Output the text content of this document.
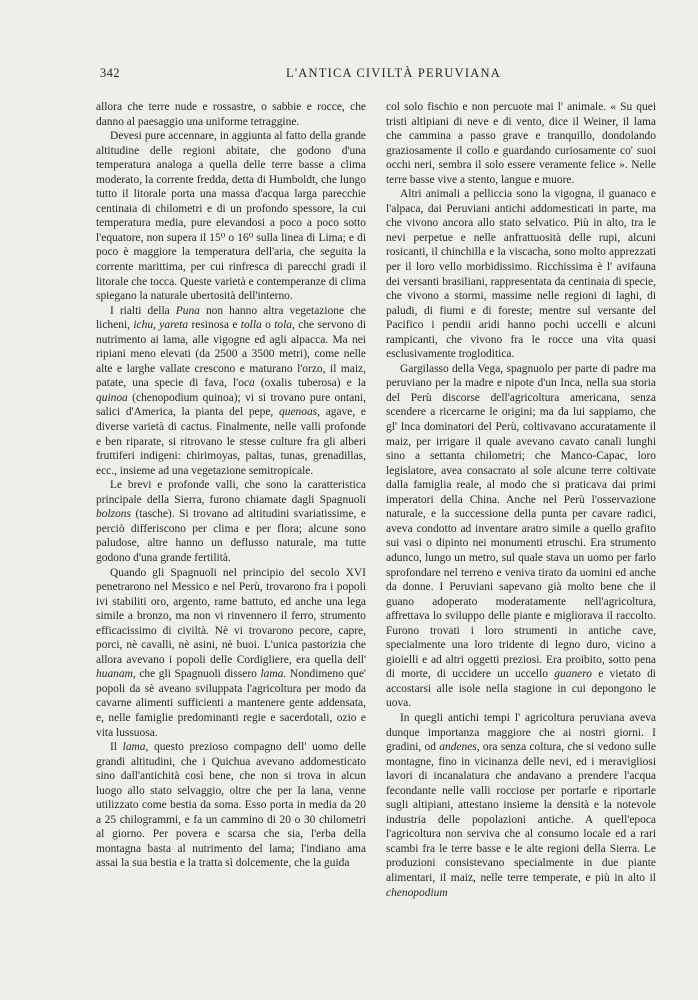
342	L'ANTICA CIVILTÀ PERUVIANA

allora che terre nude e rossastre, o sabbie e rocce, che danno al paesaggio una uniforme tetraggine.

Devesi pure accennare, in aggiunta al fatto della grande altitudine delle regioni abitate, che godono d'una temperatura analoga a quella delle terre basse a clima moderato, la corrente fredda, detta di Humboldt, che lungo tutto il litorale porta una massa d'acqua larga parecchie centinaia di chilometri e di un profondo spessore, la cui temperatura media, pure elevandosi a poco a poco sotto l'equatore, non supera il 15⁰ o 16⁰ sulla linea di Lima; e di poco è maggiore la temperatura dell'aria, che seguita la corrente marittima, per cui rinfresca di parecchi gradi il litorale che tocca. Queste varietà e contemperanze di clima spiegano la naturale ubertosità dell'interno.

I rialti della Puna non hanno altra vegetazione che licheni, ichu, yareta resinosa e tolla o tola, che servono di nutrimento ai lama, alle vigogne ed agli alpacca. Ma nei ripiani meno elevati (da 2500 a 3500 metri), come nelle alte e larghe vallate crescono e maturano l'orzo, il maiz, patate, una specie di fava, l'oca (oxalis tuberosa) e la quinoa (chenopodium quinoa); vi si trovano pure ontani, salici d'America, la pianta del pepe, quenoas, agave, e diverse varietà di cactus. Finalmente, nelle valli profonde e ben riparate, si ritrovano le stesse culture fra gli alberi fruttiferi indigeni: chirimoyas, paltas, tunas, grenadillas, ecc., insieme ad una vegetazione semitropicale.

Le brevi e profonde valli, che sono la caratteristica principale della Sierra, furono chiamate dagli Spagnuoli bolzons (tasche). Si trovano ad altitudini svariatissime, e perciò differiscono per clima e per flora; alcune sono paludose, altre hanno un deflusso naturale, ma tutte godono d'una grande fertilità.

Quando gli Spagnuoli nel principio del secolo XVI penetrarono nel Messico e nel Perù, trovarono fra i popoli ivi stabiliti oro, argento, rame battuto, ed anche una lega simile a bronzo, ma non vi rinvennero il ferro, strumento efficacissimo di civiltà. Nè vi trovarono pecore, capre, porci, nè cavalli, nè asini, nè buoi. L'unica pastorizia che allora avevano i popoli delle Cordigliere, era quella dell' huanam, che gli Spagnuoli dissero lama. Nondimeno que' popoli da sè aveano sviluppata l'agricoltura per modo da cavarne alimenti sufficienti a mantenere gente addensata, e, nelle famiglie predominanti regie e sacerdotali, ozio e vita lussuosa.

Il lama, questo prezioso compagno dell' uomo delle grandi altitudini, che i Quichua avevano addomesticato sino dall'antichità così bene, che non si trova in alcun luogo allo stato selvaggio, oltre che per la lana, venne utilizzato come bestia da soma. Esso porta in media da 20 a 25 chilogrammi, e fa un cammino di 20 o 30 chilometri al giorno. Per povera e scarsa che sia, l'erba della montagna basta al nutrimento del lama; l'indiano ama assai la sua bestia e la tratta sì dolcemente, che la guida

col solo fischio e non percuote mai l' animale. « Su quei tristi altipiani di neve e di vento, dice il Weiner, il lama che cammina a passo grave e tranquillo, dondolando graziosamente il collo e guardando curiosamente co' suoi occhi neri, sembra il solo essere veramente felice ». Nelle terre basse vive a stento, langue e muore.

Altri animali a pelliccia sono la vigogna, il guanaco e l'alpaca, dai Peruviani antichi addomesticati in parte, ma che vivono ancora allo stato selvatico. Più in alto, tra le nevi perpetue e nelle anfrattuosità delle rupi, alcuni rosicanti, il chinchilla e la viscacha, sono molto apprezzati per il loro vello morbidissimo. Ricchissima è l' avifauna dei versanti brasiliani, rappresentata da centinaia di specie, che vivono a stormi, massime nelle regioni di laghi, di paludi, di fiumi e di foreste; mentre sul versante del Pacifico i pendii aridi hanno pochi uccelli e alcuni rampicanti, che vivono fra le rocce una vita quasi esclusivamente trogloditica.

Gargilasso della Vega, spagnuolo per parte di padre ma peruviano per la madre e nipote d'un Inca, nella sua storia del Perù discorse dell'agricoltura americana, senza scendere a ricercarne le origini; ma da lui sappiamo, che gl' Inca dominatori del Perù, coltivavano accuratamente il maiz, per irrigare il quale avevano cavato canali lunghi sino a settanta chilometri; che Manco-Capac, loro legislatore, avea consacrato al sole alcune terre coltivate dalla famiglia reale, al modo che si praticava dai primi imperatori della China. Anche nel Perù l'osservazione naturale, e la successione della punta per cavare radici, aveva condotto ad inventare aratro simile a quello grafito sui vasi o dipinto nei monumenti etruschi. Era strumento adunco, lungo un metro, sul quale stava un uomo per farlo sprofondare nel terreno e veniva tirato da uomini ed anche da donne. I Peruviani sapevano già molto bene che il guano adoperato moderatamente nell'agricoltura, affrettava lo sviluppo delle piante e migliorava il raccolto. Furono trovati i loro strumenti in antiche cave, specialmente una loro tridente di legno duro, vicino a gioielli e ad altri oggetti preziosi. Era proibito, sotto pena di morte, di uccidere un uccello guanero e vietato di accostarsi alle isole nella stagione in cui depongono le uova.

In quegli antichi tempi l' agricoltura peruviana aveva dunque importanza maggiore che ai nostri giorni. I gradini, od andenes, ora senza coltura, che si vedono sulle montagne, fino in vicinanza delle nevi, ed i meravigliosi lavori di incanalatura che andavano a prendere l'acqua fecondante nelle valli rocciose per portarle e riportarle sugli altipiani, attestano insieme la densità e la notevole industria delle popolazioni antiche. A quell'epoca l'agricoltura non serviva che al consumo locale ed a rari scambi fra le terre basse e le alte regioni della Sierra. Le produzioni consistevano specialmente in due piante alimentari, il maiz, nelle terre temperate, e più in alto il chenopodium
